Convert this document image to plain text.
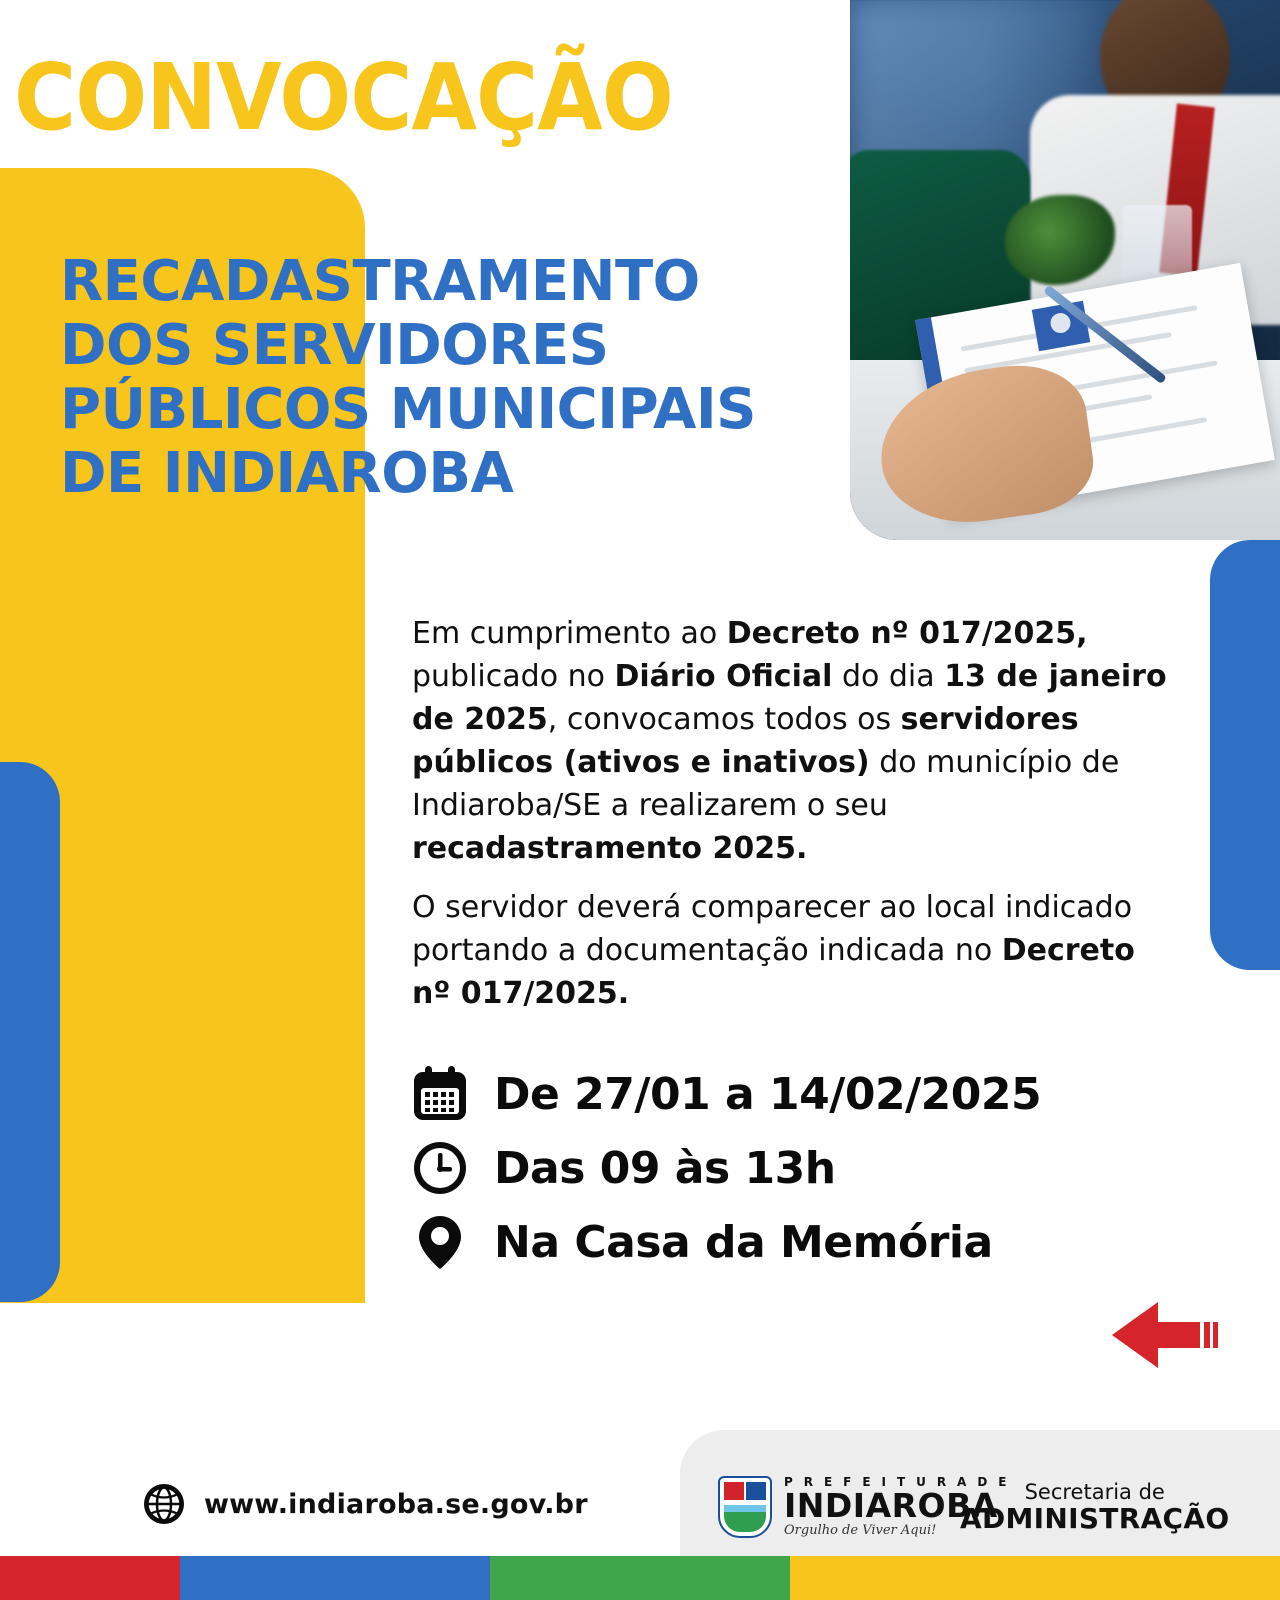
CONVOCAÇÃO
RECADASTRAMENTO
DOS SERVIDORES
PÚBLICOS MUNICIPAIS
DE INDIAROBA

Em cumprimento ao Decreto nº 017/2025, publicado no Diário Oficial do dia 13 de janeiro de 2025, convocamos todos os servidores públicos (ativos e inativos) do município de Indiaroba/SE a realizarem o seu recadastramento 2025.

O servidor deverá comparecer ao local indicado portando a documentação indicada no Decreto nº 017/2025.

De 27/01 a 14/02/2025
Das 09 às 13h
Na Casa da Memória
www.indiaroba.se.gov.br
P R E F E I T U R A D E
INDIAROBA
Orgulho de Viver Aqui!
Secretaria de
ADMINISTRAÇÃO
